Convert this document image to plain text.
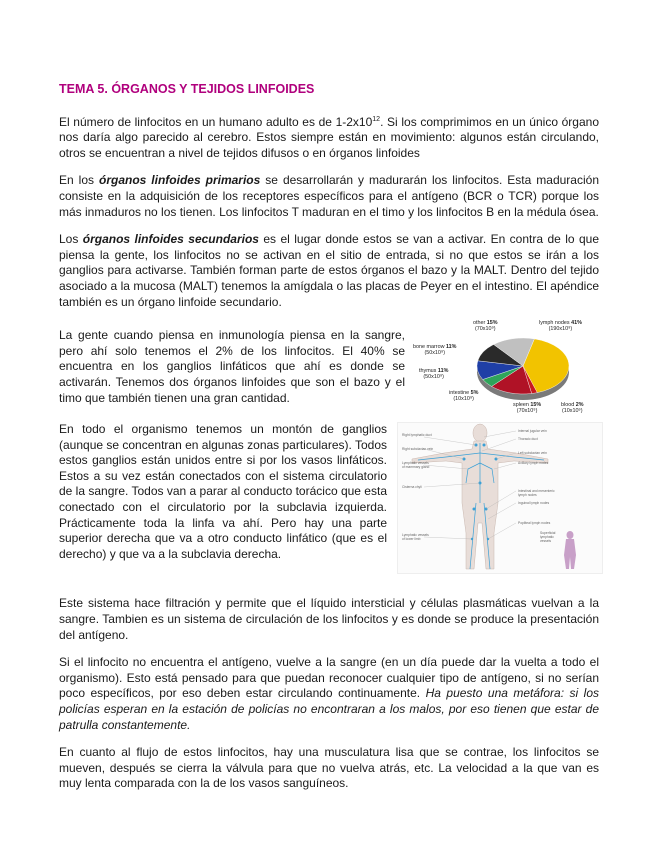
TEMA 5. ÓRGANOS Y TEJIDOS LINFOIDES

El número de linfocitos en un humano adulto es de $1-2x10^{12}$. Si los comprimimos en un único órgano nos daría algo parecido al cerebro. Estos siempre están en movimiento: algunos están circulando, otros se encuentran a nivel de tejidos difusos o en órganos linfoides

En los órganos linfoides primarios se desarrollarán y madurarán los linfocitos. Esta maduración consiste en la adquisición de los receptores específicos para el antígeno (BCR o TCR) porque los más inmaduros no los tienen. Los linfocitos T maduran en el timo y los linfocitos B en la médula ósea.

Los órganos linfoides secundarios es el lugar donde estos se van a activar. En contra de lo que piensa la gente, los linfocitos no se activan en el sitio de entrada, si no que estos se irán a los ganglios para activarse. También forman parte de estos órganos el bazo y la MALT. Dentro del tejido asociado a la mucosa (MALT) tenemos la amígdala o las placas de Peyer en el intestino. El apéndice también es un órgano linfoide secundario.

other 15%
(70x10⁹)
lymph nodes 41%
(190x10⁹)
bone marrow 11%
(50x10⁹)
thymus 11%
(50x10⁹)
intestine 5%
(10x10⁹)
spleen 15%
(70x10⁹)
blood 2%
(10x10⁹)

La gente cuando piensa en inmunología piensa en la sangre, pero ahí solo tenemos el 2% de los linfocitos. El 40% se encuentra en los ganglios linfáticos que ahí es donde se activarán. Tenemos dos órganos linfoides que son el bazo y el timo que también tienen una gran cantidad.

Right lymphatic duct
Right subclavian vein
Lymphatic vessels of mammary gland
Cisterna chyli
Lymphatic vessels of lower limb
Internal jugular vein
Thoracic duct
Left subclavian vein
Axillary lymph nodes
Intestinal and mesenteric lymph nodes
Inguinal lymph nodes
Popliteal lymph nodes
Superficial lymphatic vessels

En todo el organismo tenemos un montón de ganglios (aunque se concentran en algunas zonas particulares). Todos estos ganglios están unidos entre si por los vasos linfáticos. Estos a su vez están conectados con el sistema circulatorio de la sangre. Todos van a parar al conducto torácico que esta conectado con el circulatorio por la subclavia izquierda. Prácticamente toda la linfa va ahí. Pero hay una parte superior derecha que va a otro conducto linfático (que es el derecho) y que va a la subclavia derecha.

Este sistema hace filtración y permite que el líquido intersticial y células plasmáticas vuelvan a la sangre. Tambien es un sistema de circulación de los linfocitos y es donde se produce la presentación del antígeno.

Si el linfocito no encuentra el antígeno, vuelve a la sangre (en un día puede dar la vuelta a todo el organismo). Esto está pensado para que puedan reconocer cualquier tipo de antígeno, si no serían poco específicos, por eso deben estar circulando continuamente. Ha puesto una metáfora: si los policías esperan en la estación de policías no encontraran a los malos, por eso tienen que estar de patrulla constantemente.

En cuanto al flujo de estos linfocitos, hay una musculatura lisa que se contrae, los linfocitos se mueven, después se cierra la válvula para que no vuelva atrás, etc. La velocidad a la que van es muy lenta comparada con la de los vasos sanguíneos.
